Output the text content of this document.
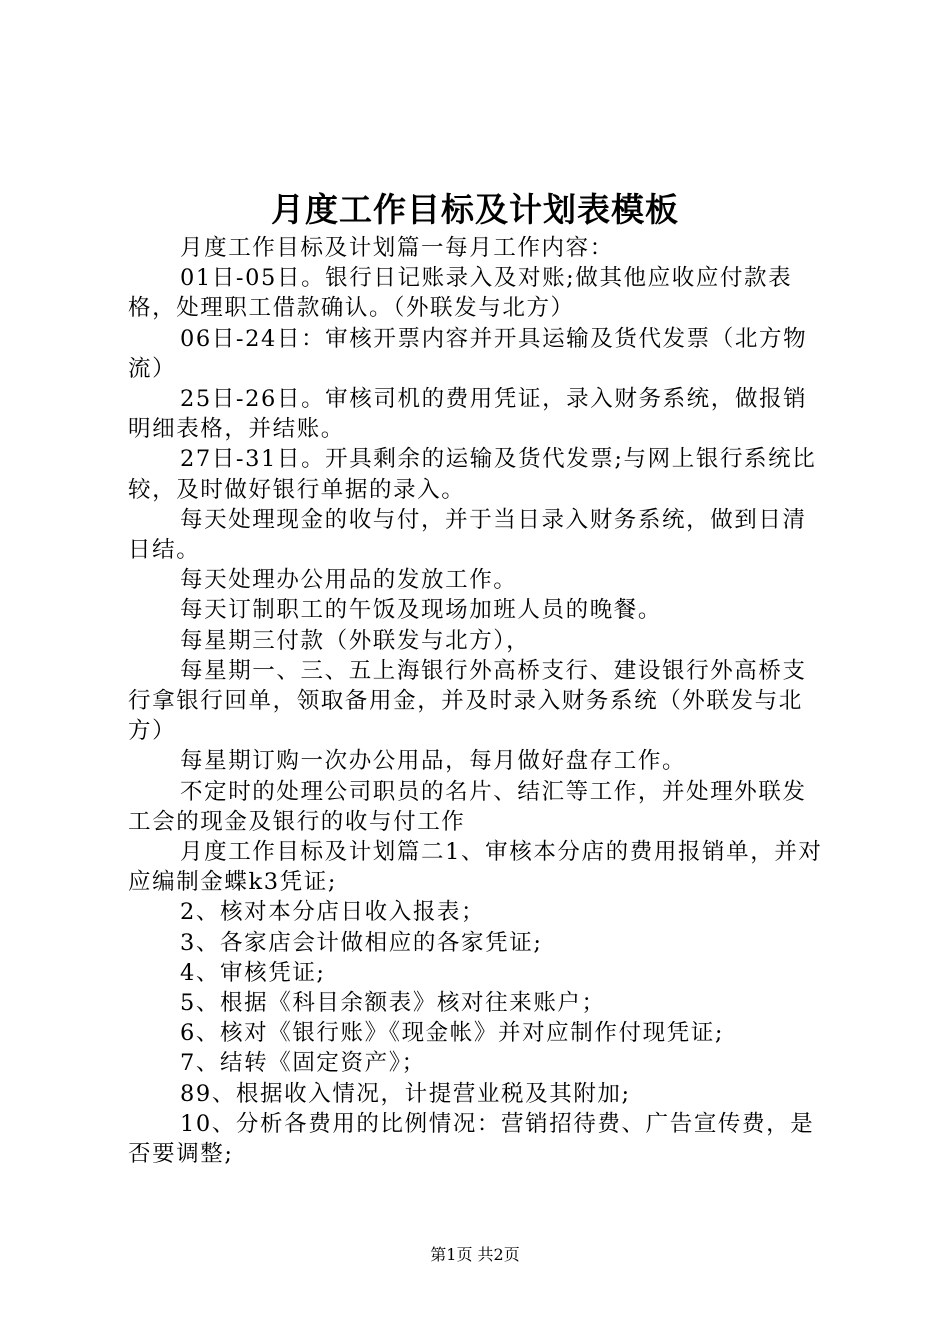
月度工作目标及计划表模板

月度工作目标及计划篇一每月工作内容：

01日-05日。银行日记账录入及对账;做其他应收应付款表格，处理职工借款确认。（外联发与北方）

06日-24日：审核开票内容并开具运输及货代发票（北方物流）

25日-26日。审核司机的费用凭证，录入财务系统，做报销明细表格，并结账。

27日-31日。开具剩余的运输及货代发票;与网上银行系统比较，及时做好银行单据的录入。

每天处理现金的收与付，并于当日录入财务系统，做到日清日结。

每天处理办公用品的发放工作。

每天订制职工的午饭及现场加班人员的晚餐。

每星期三付款（外联发与北方），

每星期一、三、五上海银行外高桥支行、建设银行外高桥支行拿银行回单，领取备用金，并及时录入财务系统（外联发与北方）

每星期订购一次办公用品，每月做好盘存工作。

不定时的处理公司职员的名片、结汇等工作，并处理外联发工会的现金及银行的收与付工作

月度工作目标及计划篇二1、审核本分店的费用报销单，并对应编制金蝶k3凭证;

2、核对本分店日收入报表；

3、各家店会计做相应的各家凭证;

4、审核凭证;

5、根据《科目余额表》核对往来账户；

6、核对《银行账》《现金帐》并对应制作付现凭证;

7、结转《固定资产》；

89、根据收入情况，计提营业税及其附加;

10、分析各费用的比例情况：营销招待费、广告宣传费，是否要调整;

第1页 共2页
